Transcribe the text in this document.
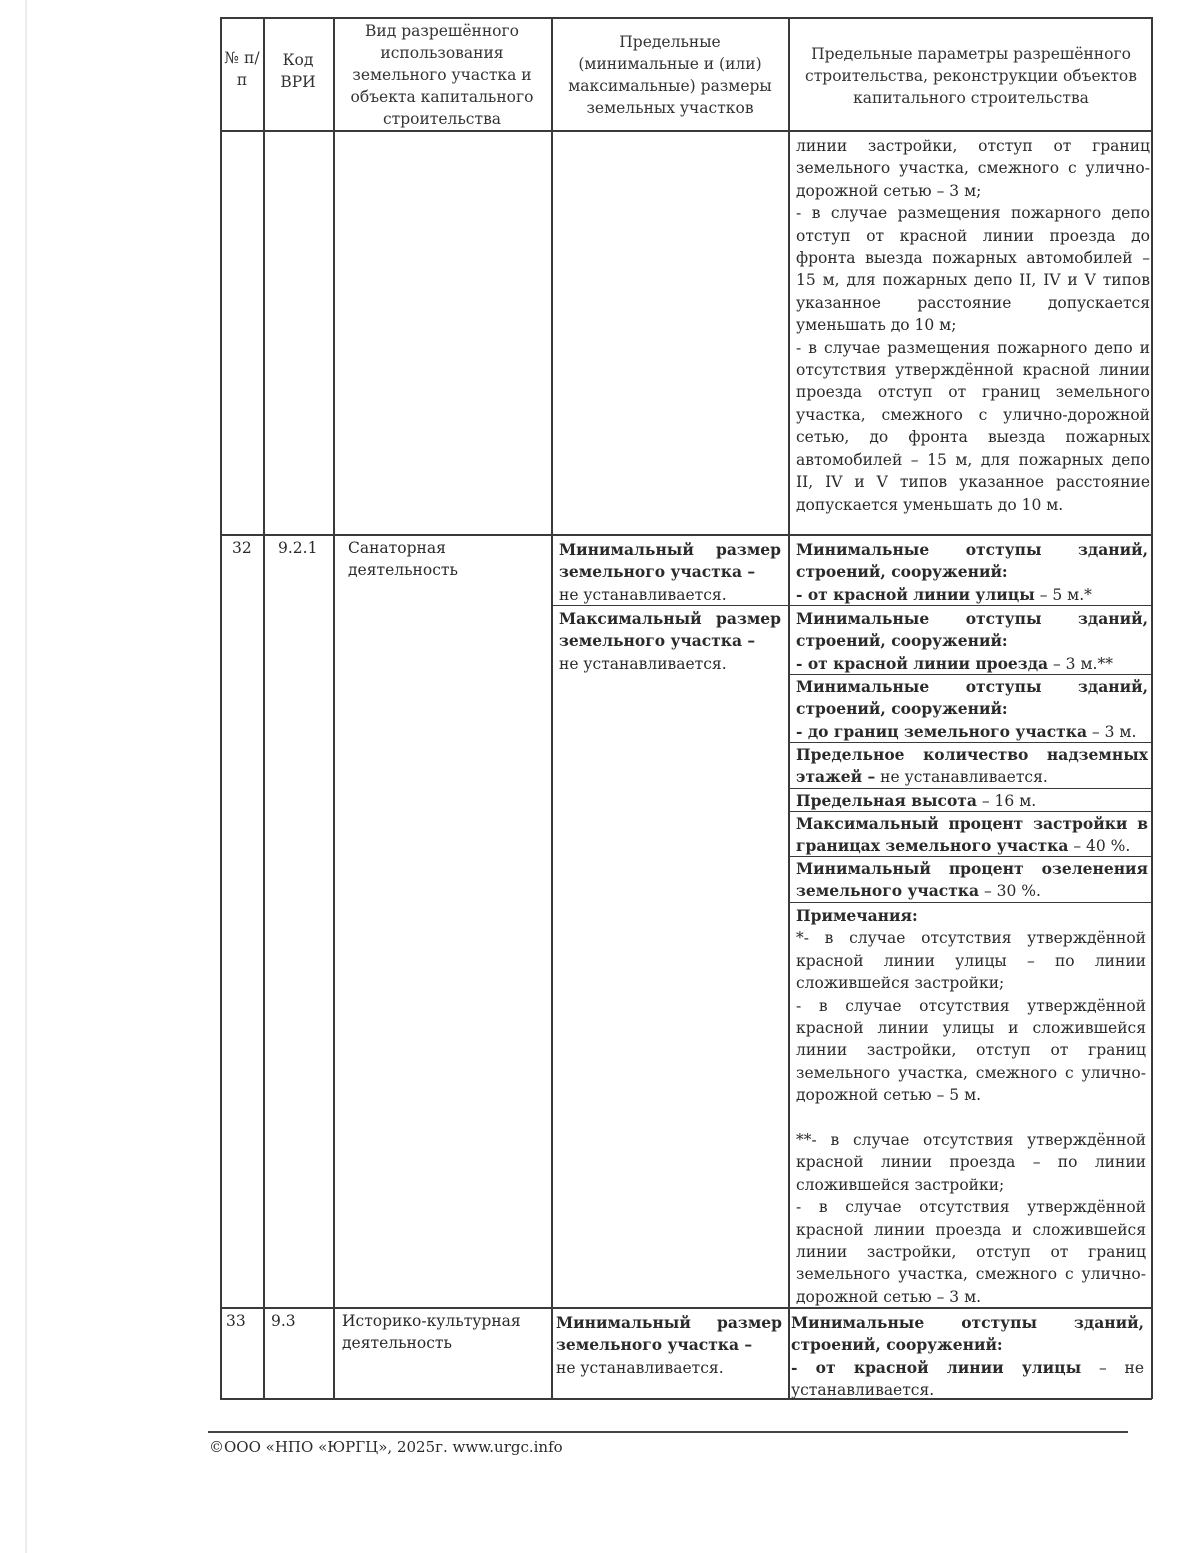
№ п/п
Код ВРИ
Вид разрешённого использования земельного участка и объекта капитального строительства
Предельные (минимальные и (или) максимальные) размеры земельных участков
Предельные параметры разрешённого строительства, реконструкции объектов капитального строительства
линии застройки, отступ от границ земельного участка, смежного с улично-дорожной сетью – 3 м;
- в случае размещения пожарного депо отступ от красной линии проезда до фронта выезда пожарных автомобилей – 15 м, для пожарных депо II, IV и V типов указанное расстояние допускается уменьшать до 10 м;
- в случае размещения пожарного депо и отсутствия утверждённой красной линии проезда отступ от границ земельного участка, смежного с улично-дорожной сетью, до фронта выезда пожарных автомобилей – 15 м, для пожарных депо II, IV и V типов указанное расстояние допускается уменьшать до 10 м.
32 9.2.1 Санаторная деятельность
Минимальный размер земельного участка –
не устанавливается.
Максимальный размер земельного участка –
не устанавливается.
Минимальные отступы зданий, строений, сооружений:
- от красной линии улицы – 5 м.*
Минимальные отступы зданий, строений, сооружений:
- от красной линии проезда – 3 м.**
Минимальные отступы зданий, строений, сооружений:
- до границ земельного участка – 3 м.
Предельное количество надземных этажей – не устанавливается.
Предельная высота – 16 м.
Максимальный процент застройки в границах земельного участка – 40 %.
Минимальный процент озеленения земельного участка – 30 %.
Примечания:
*- в случае отсутствия утверждённой красной линии улицы – по линии сложившейся застройки;
- в случае отсутствия утверждённой красной линии улицы и сложившейся линии застройки, отступ от границ земельного участка, смежного с улично-дорожной сетью – 5 м.
**- в случае отсутствия утверждённой красной линии проезда – по линии сложившейся застройки;
- в случае отсутствия утверждённой красной линии проезда и сложившейся линии застройки, отступ от границ земельного участка, смежного с улично-дорожной сетью – 3 м.
33 9.3	Историко-культурная деятельность
Минимальный размер земельного участка –
не устанавливается.
Минимальные отступы зданий, строений, сооружений:
- от красной линии улицы – не устанавливается.
©ООО «НПО «ЮРГЦ», 2025г. www.urgc.info
